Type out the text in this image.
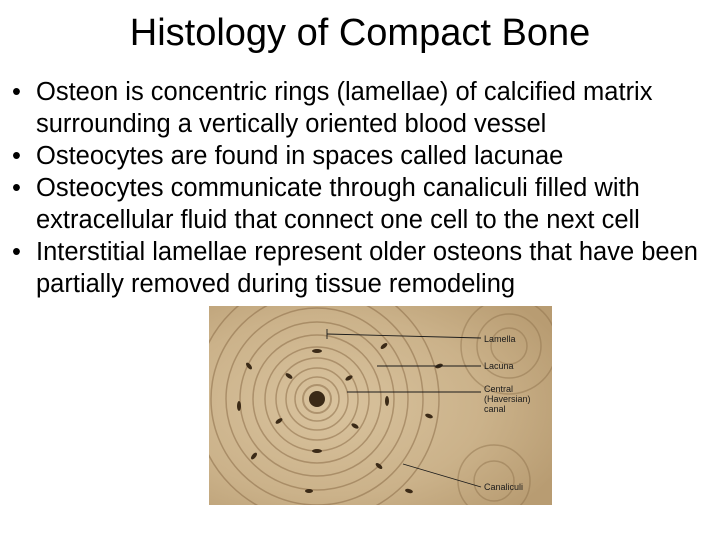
Histology of Compact Bone
• Osteon is concentric rings (lamellae) of calcified matrix surrounding a vertically oriented blood vessel
• Osteocytes are found in spaces called lacunae
• Osteocytes communicate through canaliculi filled with extracellular fluid that connect one cell to the next cell
• Interstitial lamellae represent older osteons that have been partially removed during tissue remodeling
Lamella
Lacuna
Central
(Haversian)
canal
Canaliculi
